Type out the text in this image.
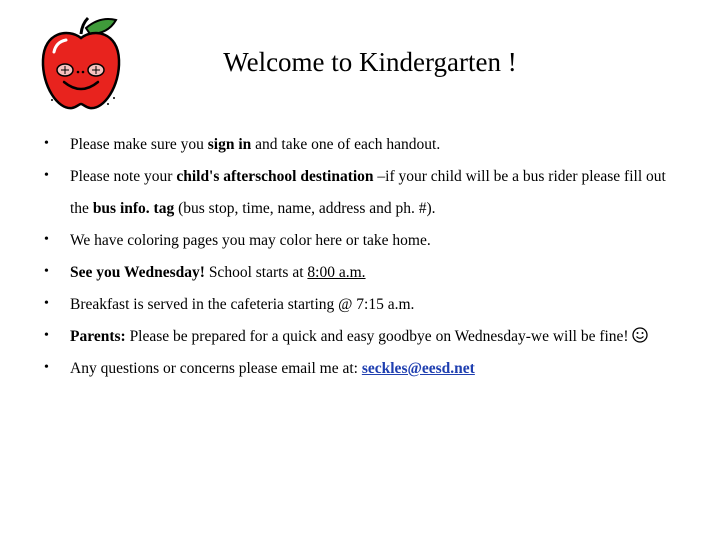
Welcome to Kindergarten !
• Please make sure you sign in and take one of each handout.
• Please note your child's afterschool destination –if your child will be a bus rider please fill out the bus info. tag (bus stop, time, name, address and ph. #).
• We have coloring pages you may color here or take home.
• See you Wednesday! School starts at 8:00 a.m.
• Breakfast is served in the cafeteria starting @ 7:15 a.m.
• Parents: Please be prepared for a quick and easy goodbye on Wednesday-we will be fine!
• Any questions or concerns please email me at: seckles@eesd.net
